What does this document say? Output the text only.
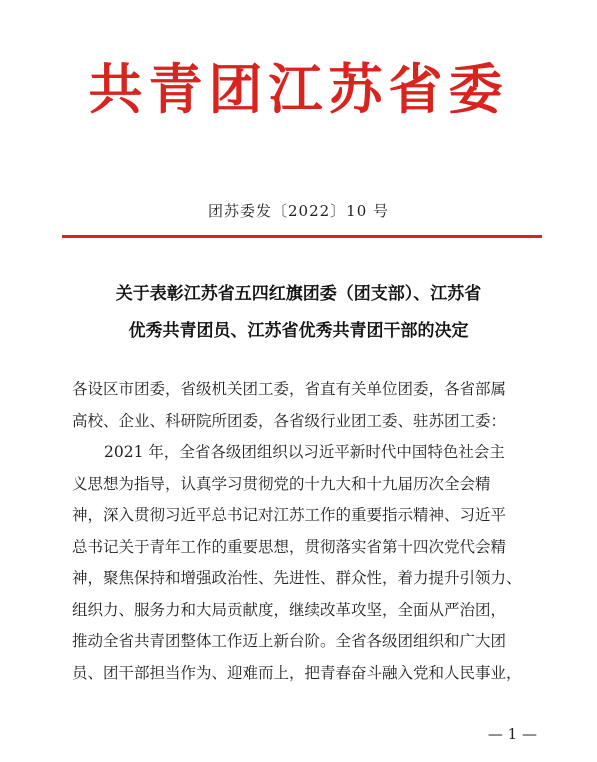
共青团江苏省委
团苏委发〔2022〕10 号
关于表彰江苏省五四红旗团委（团支部）、江苏省
优秀共青团员、江苏省优秀共青团干部的决定
各设区市团委，省级机关团工委，省直有关单位团委，各省部属
高校、企业、科研院所团委，各省级行业团工委、驻苏团工委：
2021 年，全省各级团组织以习近平新时代中国特色社会主
义思想为指导，认真学习贯彻党的十九大和十九届历次全会精
神，深入贯彻习近平总书记对江苏工作的重要指示精神、习近平
总书记关于青年工作的重要思想，贯彻落实省第十四次党代会精
神，聚焦保持和增强政治性、先进性、群众性，着力提升引领力、
组织力、服务力和大局贡献度，继续改革攻坚，全面从严治团，
推动全省共青团整体工作迈上新台阶。全省各级团组织和广大团
员、团干部担当作为、迎难而上，把青春奋斗融入党和人民事业，
— 1 —
